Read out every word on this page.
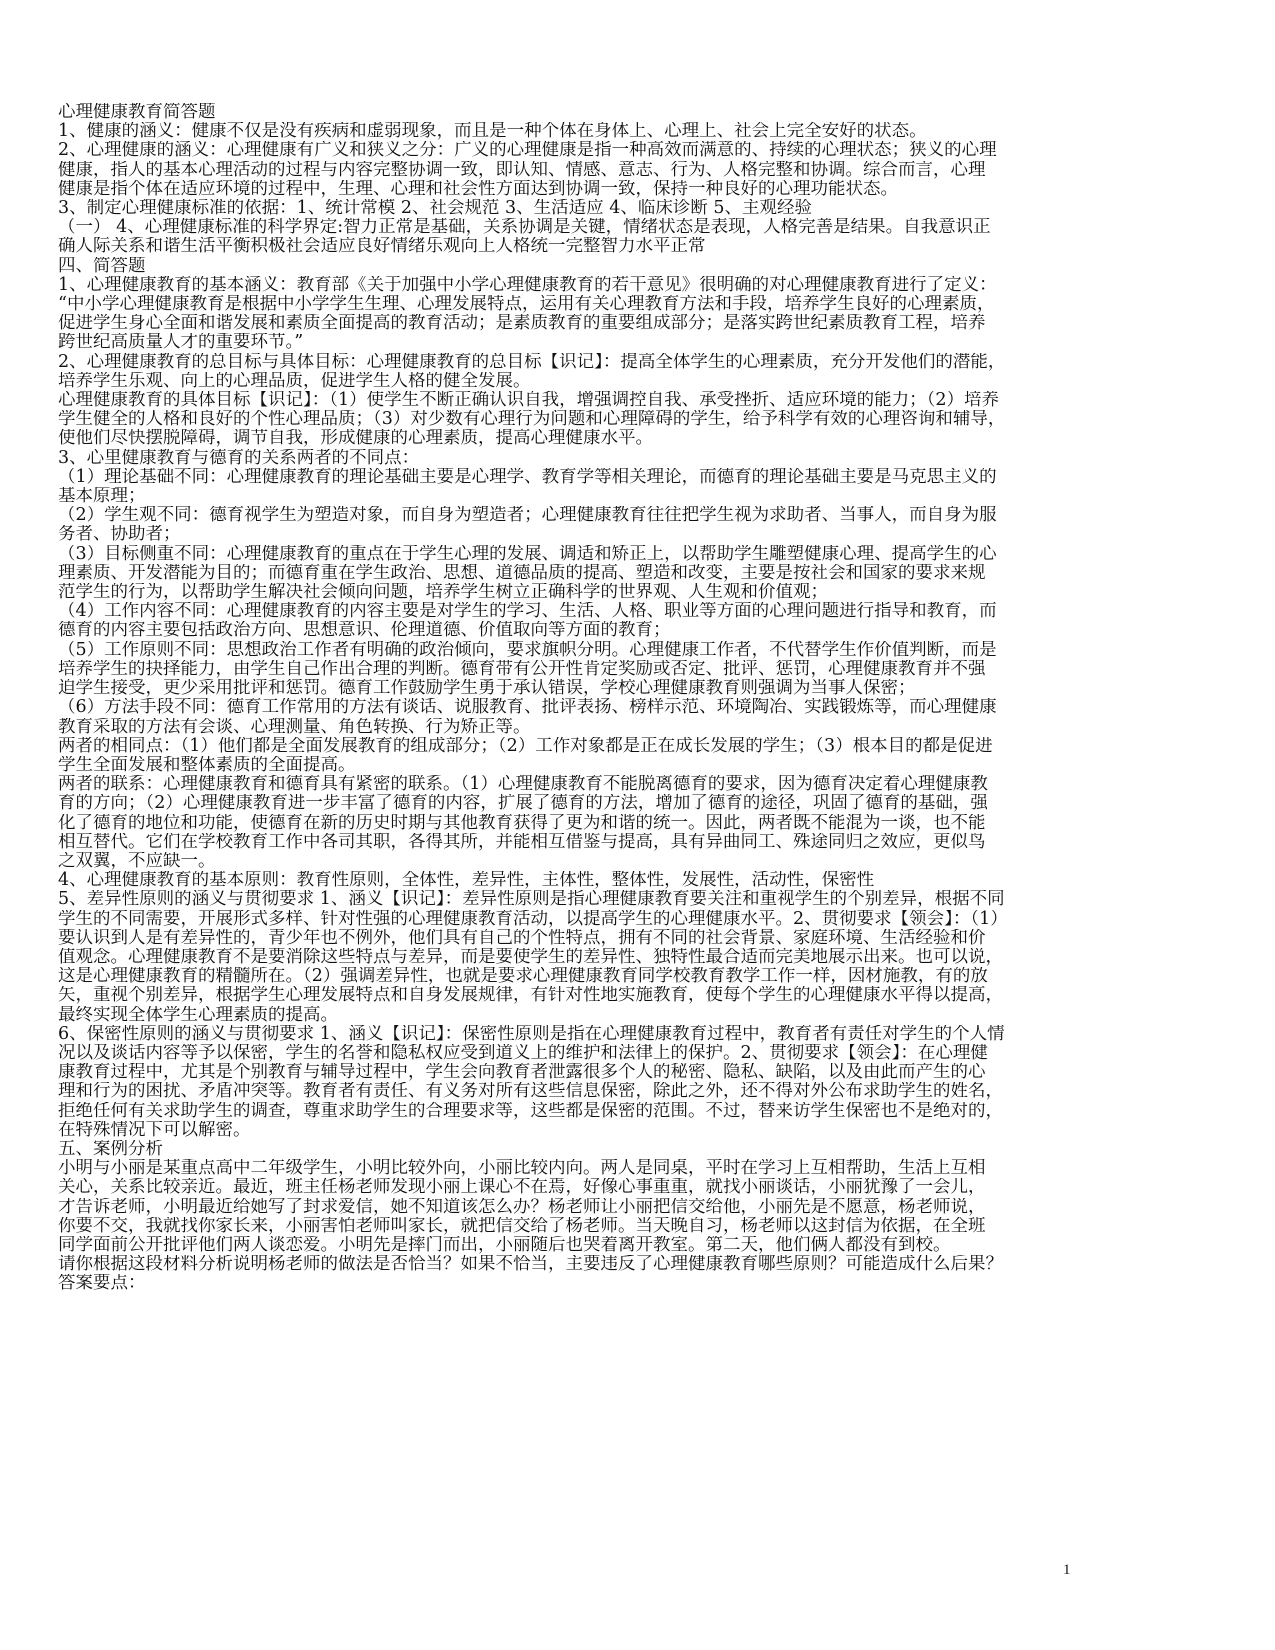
心理健康教育简答题
1、健康的涵义：健康不仅是没有疾病和虚弱现象，而且是一种个体在身体上、心理上、社会上完全安好的状态。
2、心理健康的涵义：心理健康有广义和狭义之分：广义的心理健康是指一种高效而满意的、持续的心理状态；狭义的心理
健康，指人的基本心理活动的过程与内容完整协调一致，即认知、情感、意志、行为、人格完整和协调。综合而言，心理
健康是指个体在适应环境的过程中，生理、心理和社会性方面达到协调一致，保持一种良好的心理功能状态。
3、制定心理健康标准的依据：1、统计常模 2、社会规范 3、生活适应 4、临床诊断 5、主观经验
（一） 4、心理健康标准的科学界定:智力正常是基础，关系协调是关键，情绪状态是表现，人格完善是结果。自我意识正
确人际关系和谐生活平衡积极社会适应良好情绪乐观向上人格统一完整智力水平正常
四、简答题
1、心理健康教育的基本涵义：教育部《关于加强中小学心理健康教育的若干意见》很明确的对心理健康教育进行了定义：
“中小学心理健康教育是根据中小学学生生理、心理发展特点，运用有关心理教育方法和手段，培养学生良好的心理素质，
促进学生身心全面和谐发展和素质全面提高的教育活动；是素质教育的重要组成部分；是落实跨世纪素质教育工程，培养
跨世纪高质量人才的重要环节。”
2、心理健康教育的总目标与具体目标：心理健康教育的总目标【识记】：提高全体学生的心理素质，充分开发他们的潜能，
培养学生乐观、向上的心理品质，促进学生人格的健全发展。
心理健康教育的具体目标【识记】：（1）使学生不断正确认识自我，增强调控自我、承受挫折、适应环境的能力；（2）培养
学生健全的人格和良好的个性心理品质；（3）对少数有心理行为问题和心理障碍的学生，给予科学有效的心理咨询和辅导，
使他们尽快摆脱障碍，调节自我，形成健康的心理素质，提高心理健康水平。
3、心里健康教育与德育的关系两者的不同点：
（1）理论基础不同：心理健康教育的理论基础主要是心理学、教育学等相关理论，而德育的理论基础主要是马克思主义的
基本原理；
（2）学生观不同：德育视学生为塑造对象，而自身为塑造者；心理健康教育往往把学生视为求助者、当事人，而自身为服
务者、协助者；
（3）目标侧重不同：心理健康教育的重点在于学生心理的发展、调适和矫正上，以帮助学生雕塑健康心理、提高学生的心
理素质、开发潜能为目的；而德育重在学生政治、思想、道德品质的提高、塑造和改变，主要是按社会和国家的要求来规
范学生的行为，以帮助学生解决社会倾向问题，培养学生树立正确科学的世界观、人生观和价值观；
（4）工作内容不同：心理健康教育的内容主要是对学生的学习、生活、人格、职业等方面的心理问题进行指导和教育，而
德育的内容主要包括政治方向、思想意识、伦理道德、价值取向等方面的教育；
（5）工作原则不同：思想政治工作者有明确的政治倾向，要求旗帜分明。心理健康工作者，不代替学生作价值判断，而是
培养学生的抉择能力，由学生自己作出合理的判断。德育带有公开性肯定奖励或否定、批评、惩罚，心理健康教育并不强
迫学生接受，更少采用批评和惩罚。德育工作鼓励学生勇于承认错误，学校心理健康教育则强调为当事人保密；
（6）方法手段不同：德育工作常用的方法有谈话、说服教育、批评表扬、榜样示范、环境陶冶、实践锻炼等，而心理健康
教育采取的方法有会谈、心理测量、角色转换、行为矫正等。
两者的相同点：（1）他们都是全面发展教育的组成部分；（2）工作对象都是正在成长发展的学生；（3）根本目的都是促进
学生全面发展和整体素质的全面提高。
两者的联系：心理健康教育和德育具有紧密的联系。（1）心理健康教育不能脱离德育的要求，因为德育决定着心理健康教
育的方向；（2）心理健康教育进一步丰富了德育的内容，扩展了德育的方法，增加了德育的途径，巩固了德育的基础，强
化了德育的地位和功能，使德育在新的历史时期与其他教育获得了更为和谐的统一。因此，两者既不能混为一谈，也不能
相互替代。它们在学校教育工作中各司其职，各得其所，并能相互借鉴与提高，具有异曲同工、殊途同归之效应，更似鸟
之双翼，不应缺一。
4、心理健康教育的基本原则：教育性原则，全体性，差异性，主体性，整体性，发展性，活动性，保密性
5、差异性原则的涵义与贯彻要求 1、涵义【识记】：差异性原则是指心理健康教育要关注和重视学生的个别差异，根据不同
学生的不同需要，开展形式多样、针对性强的心理健康教育活动，以提高学生的心理健康水平。2、贯彻要求【领会】：（1）
要认识到人是有差异性的，青少年也不例外，他们具有自己的个性特点，拥有不同的社会背景、家庭环境、生活经验和价
值观念。心理健康教育不是要消除这些特点与差异，而是要使学生的差异性、独特性最合适而完美地展示出来。也可以说，
这是心理健康教育的精髓所在。（2）强调差异性，也就是要求心理健康教育同学校教育教学工作一样，因材施教，有的放
矢，重视个别差异，根据学生心理发展特点和自身发展规律，有针对性地实施教育，使每个学生的心理健康水平得以提高，
最终实现全体学生心理素质的提高。
6、保密性原则的涵义与贯彻要求 1、涵义【识记】：保密性原则是指在心理健康教育过程中，教育者有责任对学生的个人情
况以及谈话内容等予以保密，学生的名誉和隐私权应受到道义上的维护和法律上的保护。2、贯彻要求【领会】：在心理健
康教育过程中，尤其是个别教育与辅导过程中，学生会向教育者泄露很多个人的秘密、隐私、缺陷，以及由此而产生的心
理和行为的困扰、矛盾冲突等。教育者有责任、有义务对所有这些信息保密，除此之外，还不得对外公布求助学生的姓名，
拒绝任何有关求助学生的调查，尊重求助学生的合理要求等，这些都是保密的范围。不过，替来访学生保密也不是绝对的，
在特殊情况下可以解密。
五、案例分析
小明与小丽是某重点高中二年级学生，小明比较外向，小丽比较内向。两人是同桌，平时在学习上互相帮助，生活上互相
关心，关系比较亲近。最近，班主任杨老师发现小丽上课心不在焉，好像心事重重，就找小丽谈话，小丽犹豫了一会儿，
才告诉老师，小明最近给她写了封求爱信，她不知道该怎么办？杨老师让小丽把信交给他，小丽先是不愿意，杨老师说，
你要不交，我就找你家长来，小丽害怕老师叫家长，就把信交给了杨老师。当天晚自习，杨老师以这封信为依据，在全班
同学面前公开批评他们两人谈恋爱。小明先是摔门而出，小丽随后也哭着离开教室。第二天，他们俩人都没有到校。
请你根据这段材料分析说明杨老师的做法是否恰当？如果不恰当，主要违反了心理健康教育哪些原则？可能造成什么后果？
答案要点：
1
